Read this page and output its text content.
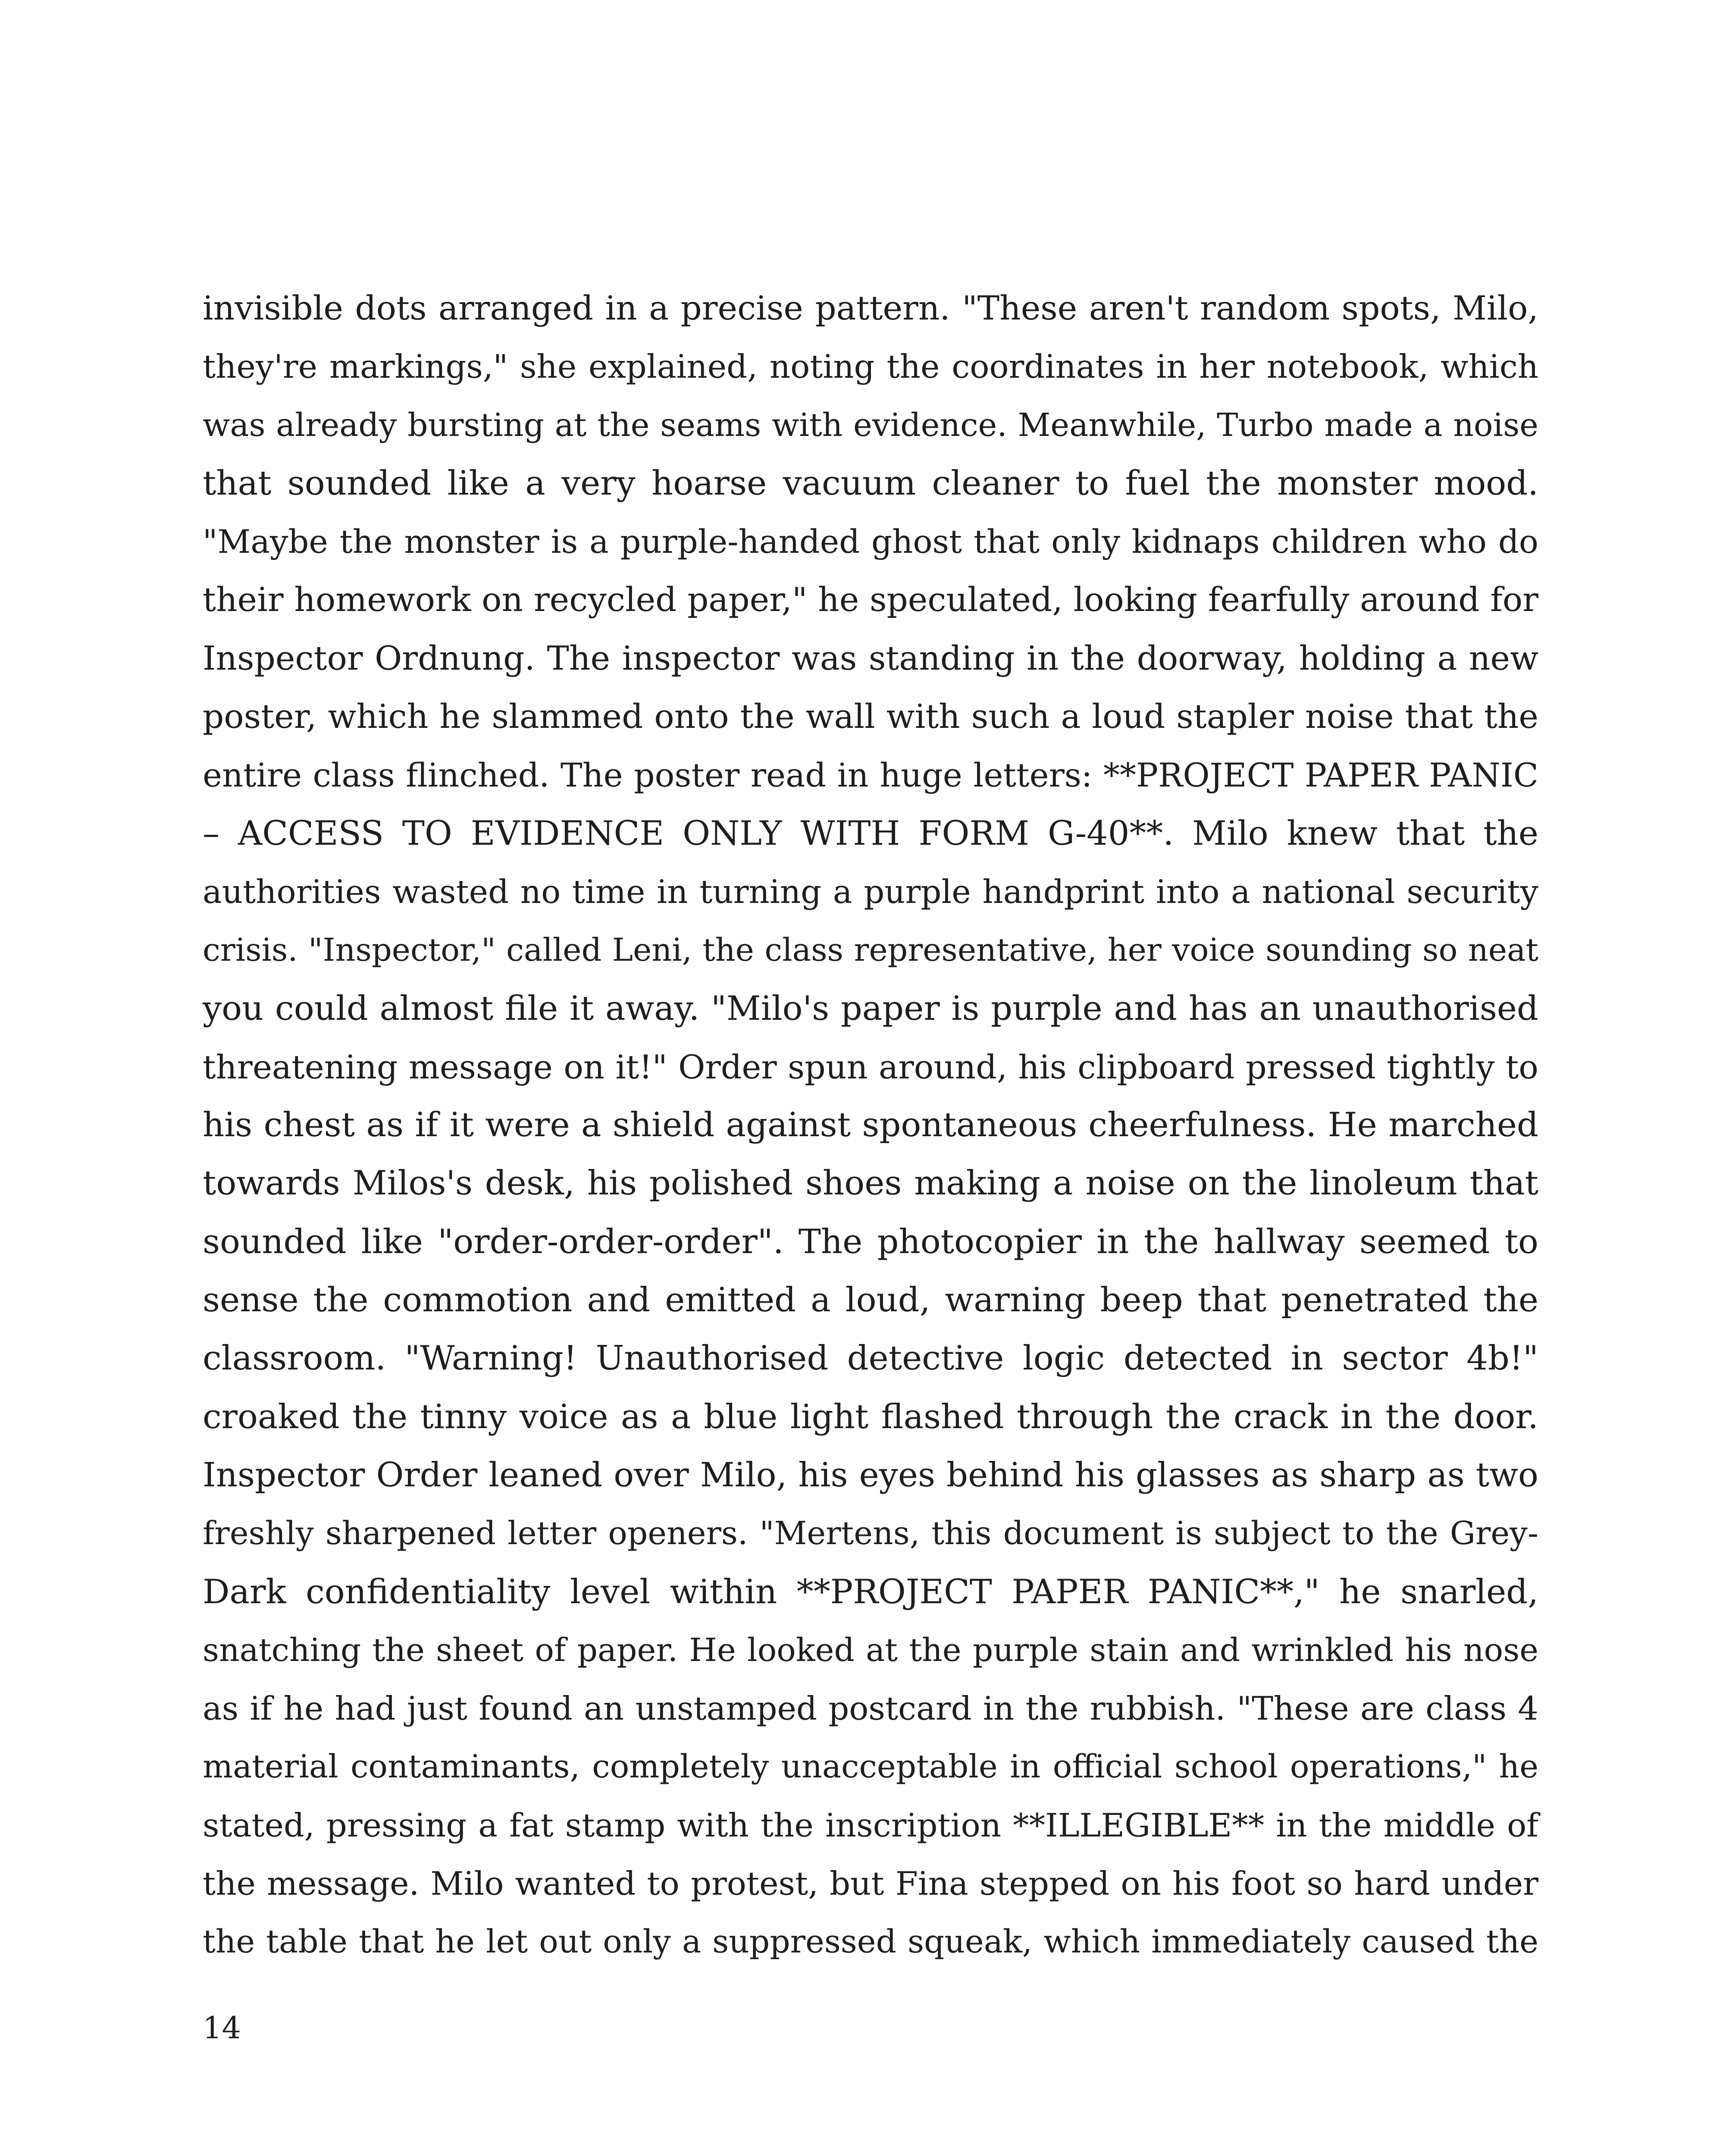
invisible dots arranged in a precise pattern. "These aren't random spots, Milo,
they're markings," she explained, noting the coordinates in her notebook, which
was already bursting at the seams with evidence. Meanwhile, Turbo made a noise
that sounded like a very hoarse vacuum cleaner to fuel the monster mood.
"Maybe the monster is a purple-handed ghost that only kidnaps children who do
their homework on recycled paper," he speculated, looking fearfully around for
Inspector Ordnung. The inspector was standing in the doorway, holding a new
poster, which he slammed onto the wall with such a loud stapler noise that the
entire class flinched. The poster read in huge letters: **PROJECT PAPER PANIC
– ACCESS TO EVIDENCE ONLY WITH FORM G-40**. Milo knew that the
authorities wasted no time in turning a purple handprint into a national security
crisis. "Inspector," called Leni, the class representative, her voice sounding so neat
you could almost file it away. "Milo's paper is purple and has an unauthorised
threatening message on it!" Order spun around, his clipboard pressed tightly to
his chest as if it were a shield against spontaneous cheerfulness. He marched
towards Milos's desk, his polished shoes making a noise on the linoleum that
sounded like "order-order-order". The photocopier in the hallway seemed to
sense the commotion and emitted a loud, warning beep that penetrated the
classroom. "Warning! Unauthorised detective logic detected in sector 4b!"
croaked the tinny voice as a blue light flashed through the crack in the door.
Inspector Order leaned over Milo, his eyes behind his glasses as sharp as two
freshly sharpened letter openers. "Mertens, this document is subject to the Grey-
Dark confidentiality level within **PROJECT PAPER PANIC**," he snarled,
snatching the sheet of paper. He looked at the purple stain and wrinkled his nose
as if he had just found an unstamped postcard in the rubbish. "These are class 4
material contaminants, completely unacceptable in official school operations," he
stated, pressing a fat stamp with the inscription **ILLEGIBLE** in the middle of
the message. Milo wanted to protest, but Fina stepped on his foot so hard under
the table that he let out only a suppressed squeak, which immediately caused the
14
